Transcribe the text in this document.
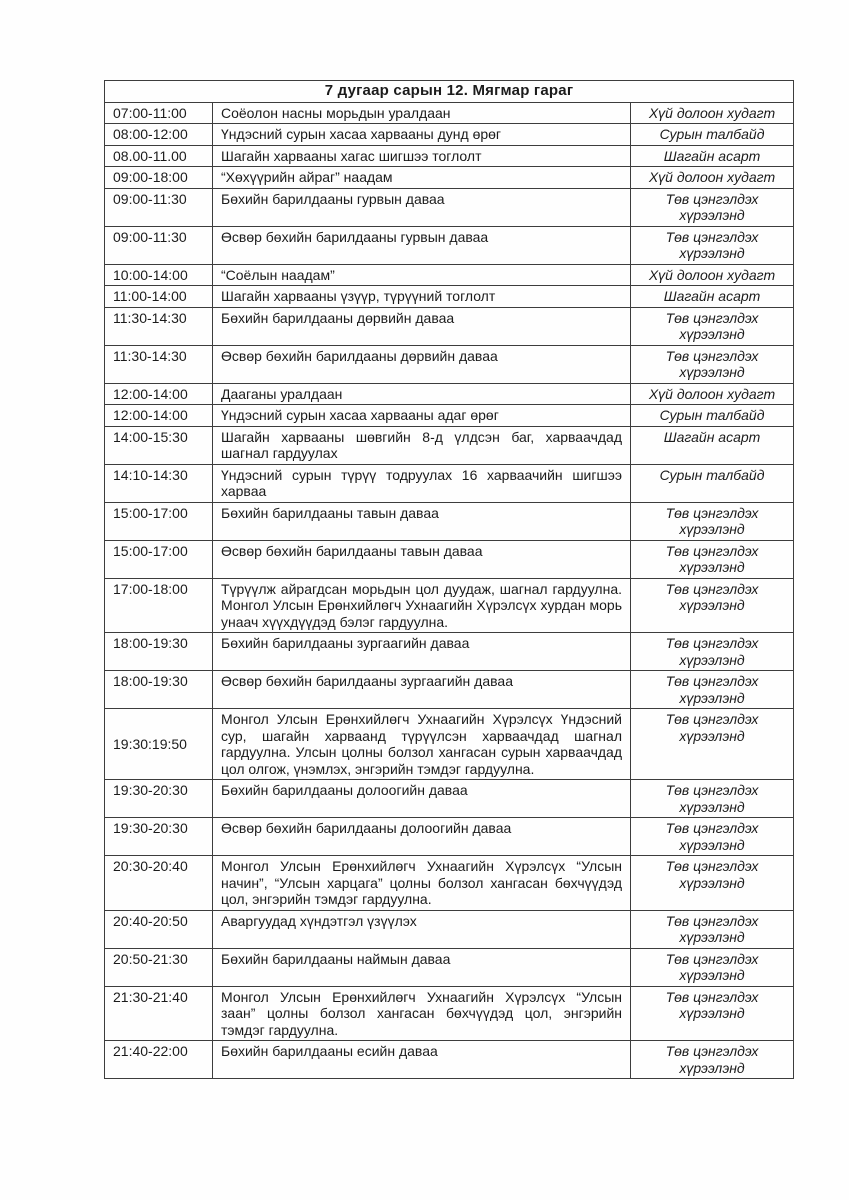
7 дугаар сарын 12. Мягмар гараг		
07:00-11:00	Соёолон насны морьдын уралдаан	Хүй долоон худагт
08:00-12:00	Үндэсний сурын хасаа харвааны дунд өрөг	Сурын талбайд
08.00-11.00	Шагайн харвааны хагас шигшээ тоглолт	Шагайн асарт
09:00-18:00	“Хөхүүрийн айраг” наадам	Хүй долоон худагт
09:00-11:30	Бөхийн барилдааны гурвын даваа	Төв цэнгэлдэх хүрээлэнд
09:00-11:30	Өсвөр бөхийн барилдааны гурвын даваа	Төв цэнгэлдэх хүрээлэнд
10:00-14:00	“Соёлын наадам”	Хүй долоон худагт
11:00-14:00	Шагайн харвааны үзүүр, түрүүний тоглолт	Шагайн асарт
11:30-14:30	Бөхийн барилдааны дөрвийн даваа	Төв цэнгэлдэх хүрээлэнд
11:30-14:30	Өсвөр бөхийн барилдааны дөрвийн даваа	Төв цэнгэлдэх хүрээлэнд
12:00-14:00	Дааганы уралдаан	Хүй долоон худагт
12:00-14:00	Үндэсний сурын хасаа харвааны адаг өрөг	Сурын талбайд
14:00-15:30	Шагайн харвааны шөвгийн 8-д үлдсэн баг, харваачдад шагнал гардуулах	Шагайн асарт
14:10-14:30	Үндэсний сурын түрүү тодруулах 16 харваачийн шигшээ харваа	Сурын талбайд
15:00-17:00	Бөхийн барилдааны тавын даваа	Төв цэнгэлдэх хүрээлэнд
15:00-17:00	Өсвөр бөхийн барилдааны тавын даваа	Төв цэнгэлдэх хүрээлэнд
17:00-18:00	Түрүүлж айрагдсан морьдын цол дуудаж, шагнал гардуулна. Монгол Улсын Ерөнхийлөгч Ухнаагийн Хүрэлсүх хурдан морь унаач хүүхдүүдэд бэлэг гардуулна.	Төв цэнгэлдэх хүрээлэнд
18:00-19:30	Бөхийн барилдааны зургаагийн даваа	Төв цэнгэлдэх хүрээлэнд
18:00-19:30	Өсвөр бөхийн барилдааны зургаагийн даваа	Төв цэнгэлдэх хүрээлэнд
19:30:19:50	Монгол Улсын Ерөнхийлөгч Ухнаагийн Хүрэлсүх Үндэсний сур, шагайн харваанд түрүүлсэн харваачдад шагнал гардуулна. Улсын цолны болзол хангасан сурын харваачдад цол олгож, үнэмлэх, энгэрийн тэмдэг гардуулна.	Төв цэнгэлдэх хүрээлэнд
19:30-20:30	Бөхийн барилдааны долоогийн даваа	Төв цэнгэлдэх хүрээлэнд
19:30-20:30	Өсвөр бөхийн барилдааны долоогийн даваа	Төв цэнгэлдэх хүрээлэнд
20:30-20:40	Монгол Улсын Ерөнхийлөгч Ухнаагийн Хүрэлсүх “Улсын начин”, “Улсын харцага” цолны болзол хангасан бөхчүүдэд цол, энгэрийн тэмдэг гардуулна.	Төв цэнгэлдэх хүрээлэнд
20:40-20:50	Аваргуудад хүндэтгэл үзүүлэх	Төв цэнгэлдэх хүрээлэнд
20:50-21:30	Бөхийн барилдааны наймын даваа	Төв цэнгэлдэх хүрээлэнд
21:30-21:40	Монгол Улсын Ерөнхийлөгч Ухнаагийн Хүрэлсүх “Улсын заан” цолны болзол хангасан бөхчүүдэд цол, энгэрийн тэмдэг гардуулна.	Төв цэнгэлдэх хүрээлэнд
21:40-22:00	Бөхийн барилдааны есийн даваа	Төв цэнгэлдэх хүрээлэнд
